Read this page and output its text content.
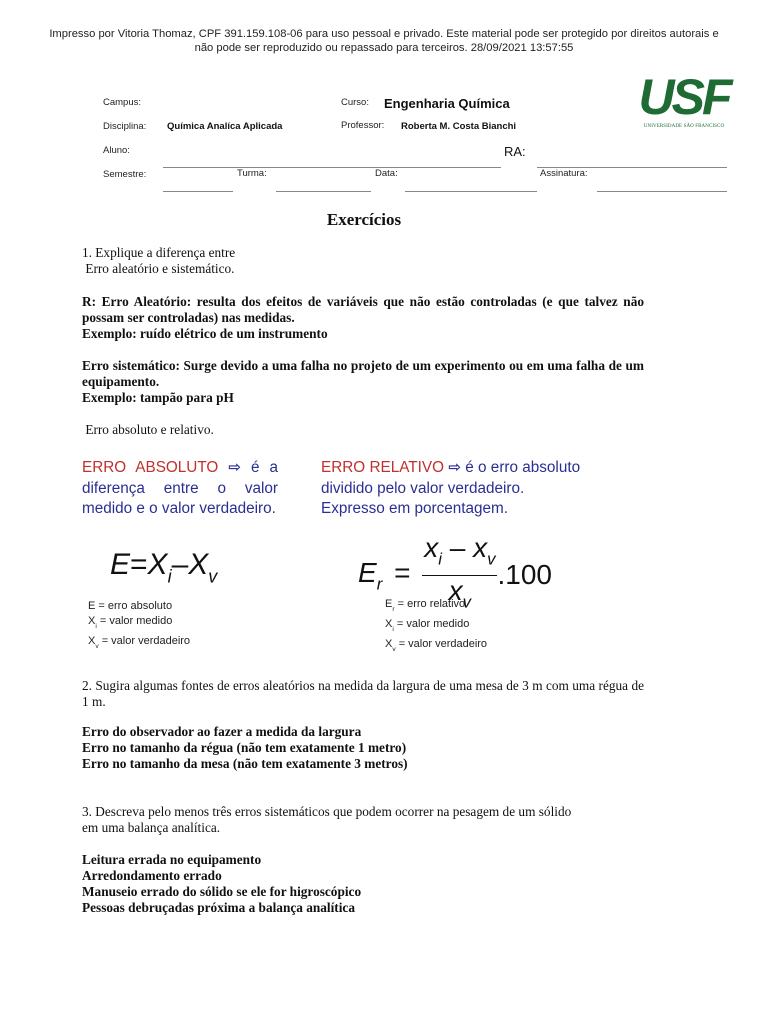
Impresso por Vitoria Thomaz, CPF 391.159.108-06 para uso pessoal e privado. Este material pode ser protegido por direitos autorais e
não pode ser reproduzido ou repassado para terceiros. 28/09/2021 13:57:55
Campus:	Curso: Engenharia Química
Disciplina: Química Analíca Aplicada	Professor: Roberta M. Costa Bianchi
Aluno:	RA:
Semestre:	Turma:	Data:	Assinatura:
USF
UNIVERSIDADE SÃO FRANCISCO
Exercícios
1. Explique a diferença entre
Erro aleatório e sistemático.
R: Erro Aleatório: resulta dos efeitos de variáveis que não estão controladas (e que talvez não possam ser controladas) nas medidas.
Exemplo: ruído elétrico de um instrumento
Erro sistemático: Surge devido a uma falha no projeto de um experimento ou em uma falha de um equipamento.
Exemplo: tampão para pH
Erro absoluto e relativo.
ERRO ABSOLUTO ⇨ é a diferença entre o valor medido e o valor verdadeiro.
$E=X_i-X_v$
E = erro absoluto
$X_i$ = valor medido
$X_v$ = valor verdadeiro
ERRO RELATIVO ⇨ é o erro absoluto
dividido pelo valor verdadeiro.
Expresso em porcentagem.
$E_r = \frac{x_i - x_v}{x_v} .100$
$E_r$ = erro relativo
$X_i$ = valor medido
$X_v$ = valor verdadeiro
2. Sugira algumas fontes de erros aleatórios na medida da largura de uma mesa de 3 m com uma régua de 1 m.
Erro do observador ao fazer a medida da largura
Erro no tamanho da régua (não tem exatamente 1 metro)
Erro no tamanho da mesa (não tem exatamente 3 metros)
3. Descreva pelo menos três erros sistemáticos que podem ocorrer na pesagem de um sólido
em uma balança analítica.
Leitura errada no equipamento
Arredondamento errado
Manuseio errado do sólido se ele for higroscópico
Pessoas debruçadas próxima a balança analítica
